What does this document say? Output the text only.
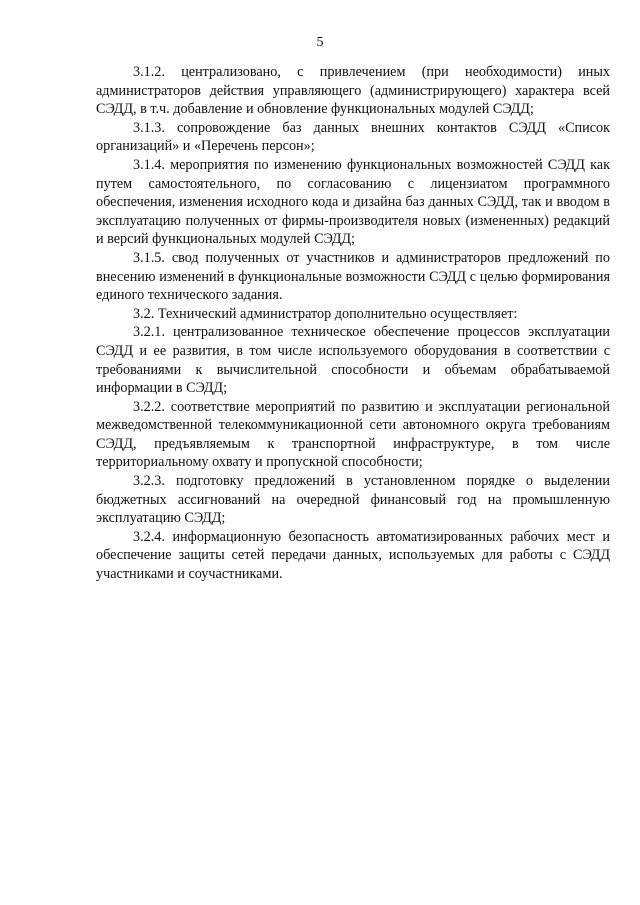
5

3.1.2. централизовано, с привлечением (при необходимости) иных администраторов действия управляющего (администрирующего) характера всей СЭДД, в т.ч. добавление и обновление функциональных модулей СЭДД;

3.1.3. сопровождение баз данных внешних контактов СЭДД «Список организаций» и «Перечень персон»;

3.1.4. мероприятия по изменению функциональных возможностей СЭДД как путем самостоятельного, по согласованию с лицензиатом программного обеспечения, изменения исходного кода и дизайна баз данных СЭДД, так и вводом в эксплуатацию полученных от фирмы-производителя новых (измененных) редакций и версий функциональных модулей СЭДД;

3.1.5. свод полученных от участников и администраторов предложений по внесению изменений в функциональные возможности СЭДД с целью формирования единого технического задания.

3.2. Технический администратор дополнительно осуществляет:

3.2.1. централизованное техническое обеспечение процессов эксплуатации СЭДД и ее развития, в том числе используемого оборудования в соответствии с требованиями к вычислительной способности и объемам обрабатываемой информации в СЭДД;

3.2.2. соответствие мероприятий по развитию и эксплуатации региональной межведомственной телекоммуникационной сети автономного округа требованиям СЭДД, предъявляемым к транспортной инфраструктуре, в том числе территориальному охвату и пропускной способности;

3.2.3. подготовку предложений в установленном порядке о выделении бюджетных ассигнований на очередной финансовый год на промышленную эксплуатацию СЭДД;

3.2.4. информационную безопасность автоматизированных рабочих мест и обеспечение защиты сетей передачи данных, используемых для работы с СЭДД участниками и соучастниками.
